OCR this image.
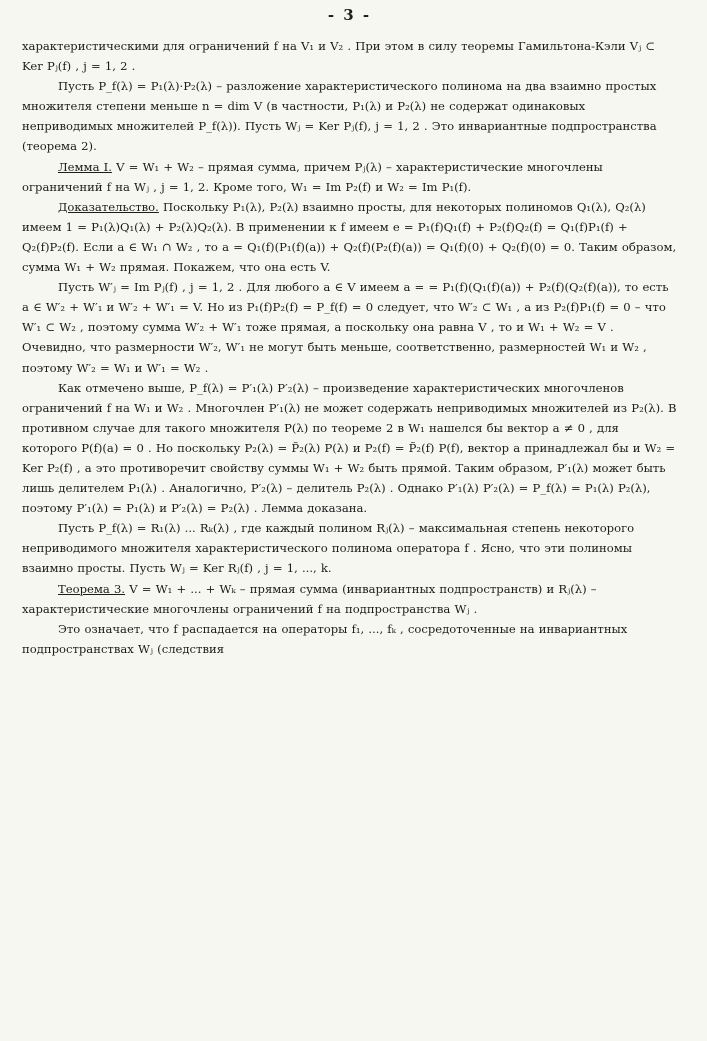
- 3 -

характеристическими для ограничений f на V₁ и V₂ . При этом в силу теоремы Гамильтона-Кэли Vⱼ ⊂ Ker Pⱼ(f) , j = 1, 2 .

Пусть P_f(λ) = P₁(λ)·P₂(λ) – разложение характеристического полинома на два взаимно простых множителя степени меньше n = dim V (в частности, P₁(λ) и P₂(λ) не содержат одинаковых неприводимых множителей P_f(λ)). Пусть Wⱼ = Ker Pⱼ(f), j = 1, 2 . Это инвариантные подпространства (теорема 2).

Лемма I. V = W₁ + W₂ – прямая сумма, причем Pⱼ(λ) – характеристические многочлены ограничений f на Wⱼ , j = 1, 2. Кроме того, W₁ = Im P₂(f) и W₂ = Im P₁(f).

Доказательство. Поскольку P₁(λ), P₂(λ) взаимно просты, для некоторых полиномов Q₁(λ), Q₂(λ) имеем 1 = P₁(λ)Q₁(λ) + P₂(λ)Q₂(λ). В применении к f имеем e = P₁(f)Q₁(f) + P₂(f)Q₂(f) = Q₁(f)P₁(f) + Q₂(f)P₂(f). Если a ∈ W₁ ∩ W₂ , то a = Q₁(f)(P₁(f)(a)) + Q₂(f)(P₂(f)(a)) = Q₁(f)(0) + Q₂(f)(0) = 0. Таким образом, сумма W₁ + W₂ прямая. Покажем, что она есть V.

Пусть W′ⱼ = Im Pⱼ(f) , j = 1, 2 . Для любого a ∈ V имеем a = = P₁(f)(Q₁(f)(a)) + P₂(f)(Q₂(f)(a)), то есть a ∈ W′₂ + W′₁ и W′₂ + W′₁ = V. Но из P₁(f)P₂(f) = P_f(f) = 0 следует, что W′₂ ⊂ W₁ , а из P₂(f)P₁(f) = 0 – что W′₁ ⊂ W₂ , поэтому сумма W′₂ + W′₁ тоже прямая, а поскольку она равна V , то и W₁ + W₂ = V . Очевидно, что размерности W′₂, W′₁ не могут быть меньше, соответственно, размерностей W₁ и W₂ , поэтому W′₂ = W₁ и W′₁ = W₂ .

Как отмечено выше, P_f(λ) = P′₁(λ) P′₂(λ) – произведение характеристических многочленов ограничений f на W₁ и W₂ . Многочлен P′₁(λ) не может содержать неприводимых множителей из P₂(λ). В противном случае для такого множителя P(λ) по теореме 2 в W₁ нашелся бы вектор a ≠ 0 , для которого P(f)(a) = 0 . Но поскольку P₂(λ) = P̃₂(λ) P(λ) и P₂(f) = P̃₂(f) P(f), вектор a принадлежал бы и W₂ = Ker P₂(f) , а это противоречит свойству суммы W₁ + W₂ быть прямой. Таким образом, P′₁(λ) может быть лишь делителем P₁(λ) . Аналогично, P′₂(λ) – делитель P₂(λ) . Однако P′₁(λ) P′₂(λ) = P_f(λ) = P₁(λ) P₂(λ), поэтому P′₁(λ) = P₁(λ) и P′₂(λ) = P₂(λ) . Лемма доказана.

Пусть P_f(λ) = R₁(λ) ... Rₖ(λ) , где каждый полином Rⱼ(λ) – максимальная степень некоторого неприводимого множителя характеристического полинома оператора f . Ясно, что эти полиномы взаимно просты. Пусть Wⱼ = Ker Rⱼ(f) , j = 1, ..., k.

Теорема 3. V = W₁ + ... + Wₖ – прямая сумма (инвариантных подпространств) и Rⱼ(λ) – характеристические многочлены ограничений f на подпространства Wⱼ .

Это означает, что f распадается на операторы f₁, ..., fₖ , сосредоточенные на инвариантных подпространствах Wⱼ (следствия
